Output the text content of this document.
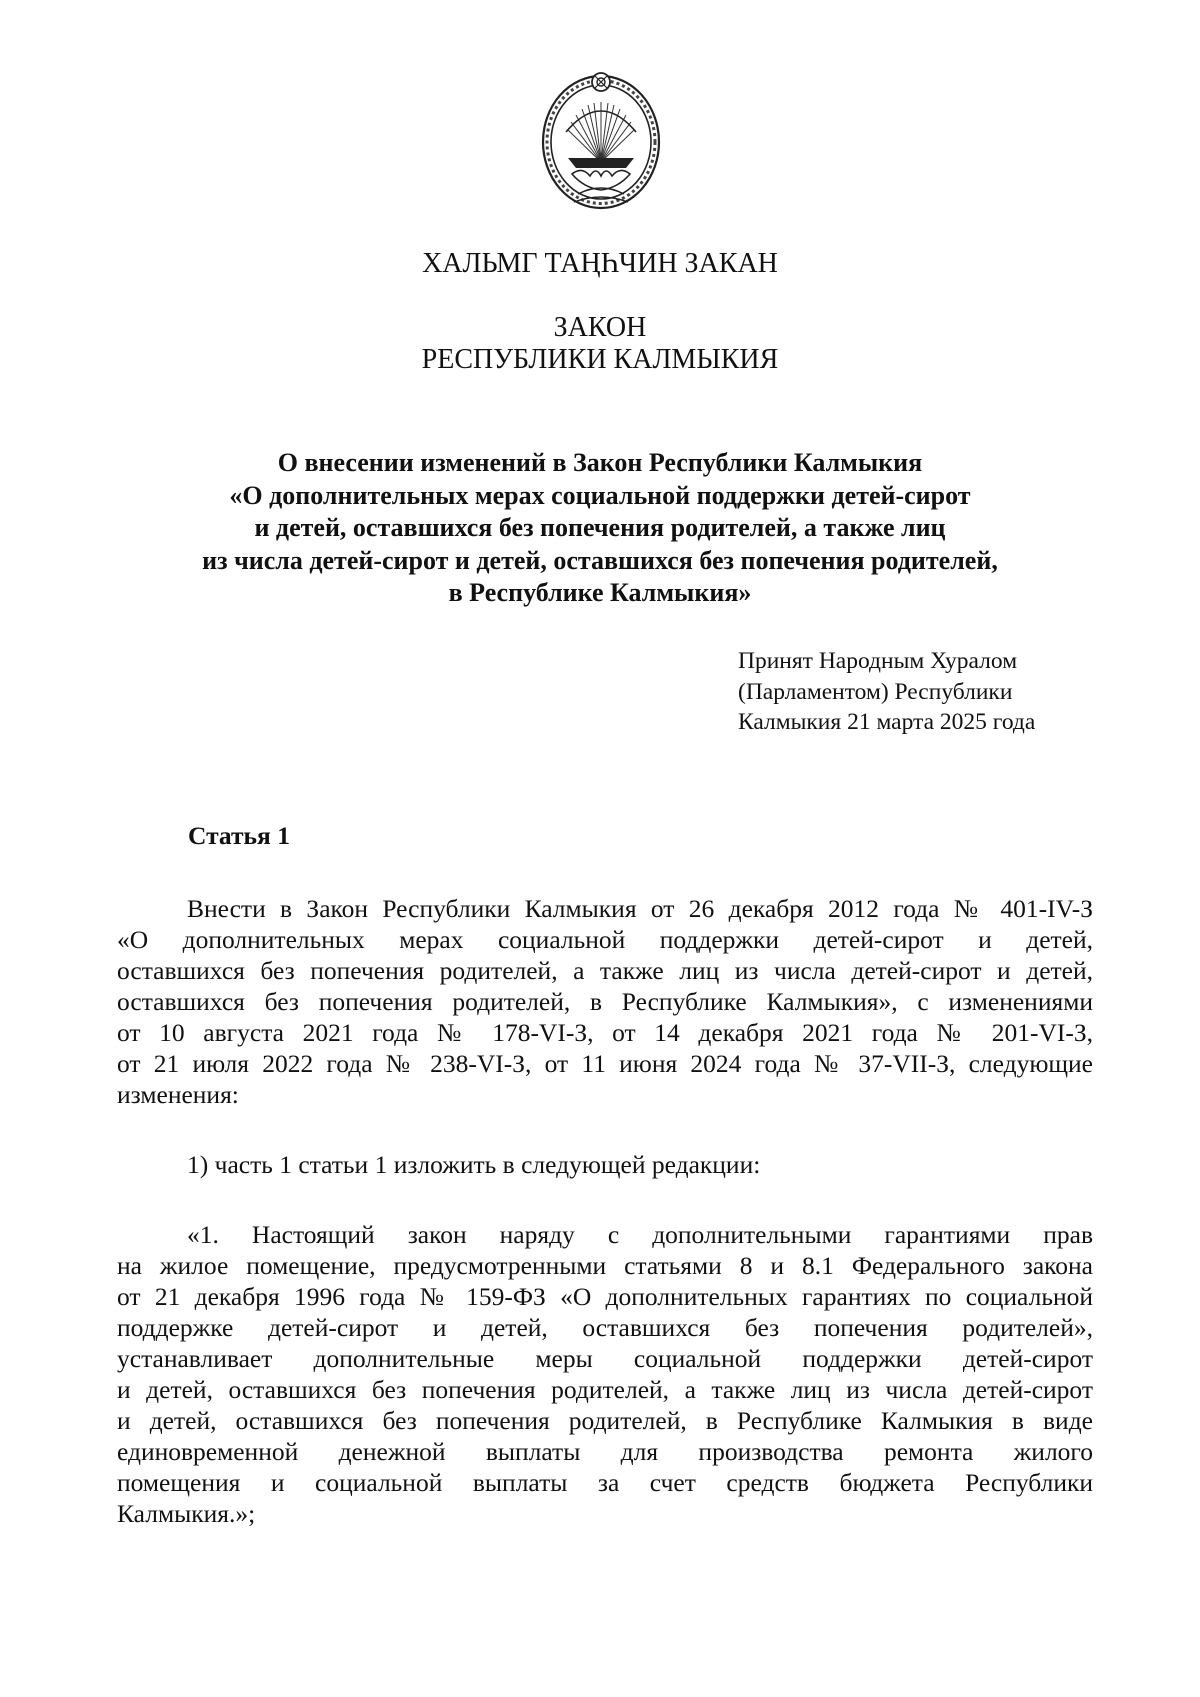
ХАЛЬМГ ТАҢҺЧИН ЗАКАН
ЗАКОН
РЕСПУБЛИКИ КАЛМЫКИЯ
О внесении изменений в Закон Республики Калмыкия
«О дополнительных мерах социальной поддержки детей-сирот
и детей, оставшихся без попечения родителей, а также лиц
из числа детей-сирот и детей, оставшихся без попечения родителей,
в Республике Калмыкия»
Принят Народным Хуралом
(Парламентом) Республики
Калмыкия 21 марта 2025 года
Статья 1
Внести в Закон Республики Калмыкия от 26 декабря 2012 года № 401-IV-З
«О дополнительных мерах социальной поддержки детей-сирот и детей,
оставшихся без попечения родителей, а также лиц из числа детей-сирот и детей,
оставшихся без попечения родителей, в Республике Калмыкия», с изменениями
от 10 августа 2021 года № 178-VI-З, от 14 декабря 2021 года № 201-VI-З,
от 21 июля 2022 года № 238-VI-З, от 11 июня 2024 года № 37-VII-З, следующие
изменения:
1) часть 1 статьи 1 изложить в следующей редакции:
«1. Настоящий закон наряду с дополнительными гарантиями прав
на жилое помещение, предусмотренными статьями 8 и 8.1 Федерального закона
от 21 декабря 1996 года № 159-ФЗ «О дополнительных гарантиях по социальной
поддержке детей-сирот и детей, оставшихся без попечения родителей»,
устанавливает дополнительные меры социальной поддержки детей-сирот
и детей, оставшихся без попечения родителей, а также лиц из числа детей-сирот
и детей, оставшихся без попечения родителей, в Республике Калмыкия в виде
единовременной денежной выплаты для производства ремонта жилого
помещения и социальной выплаты за счет средств бюджета Республики
Калмыкия.»;
